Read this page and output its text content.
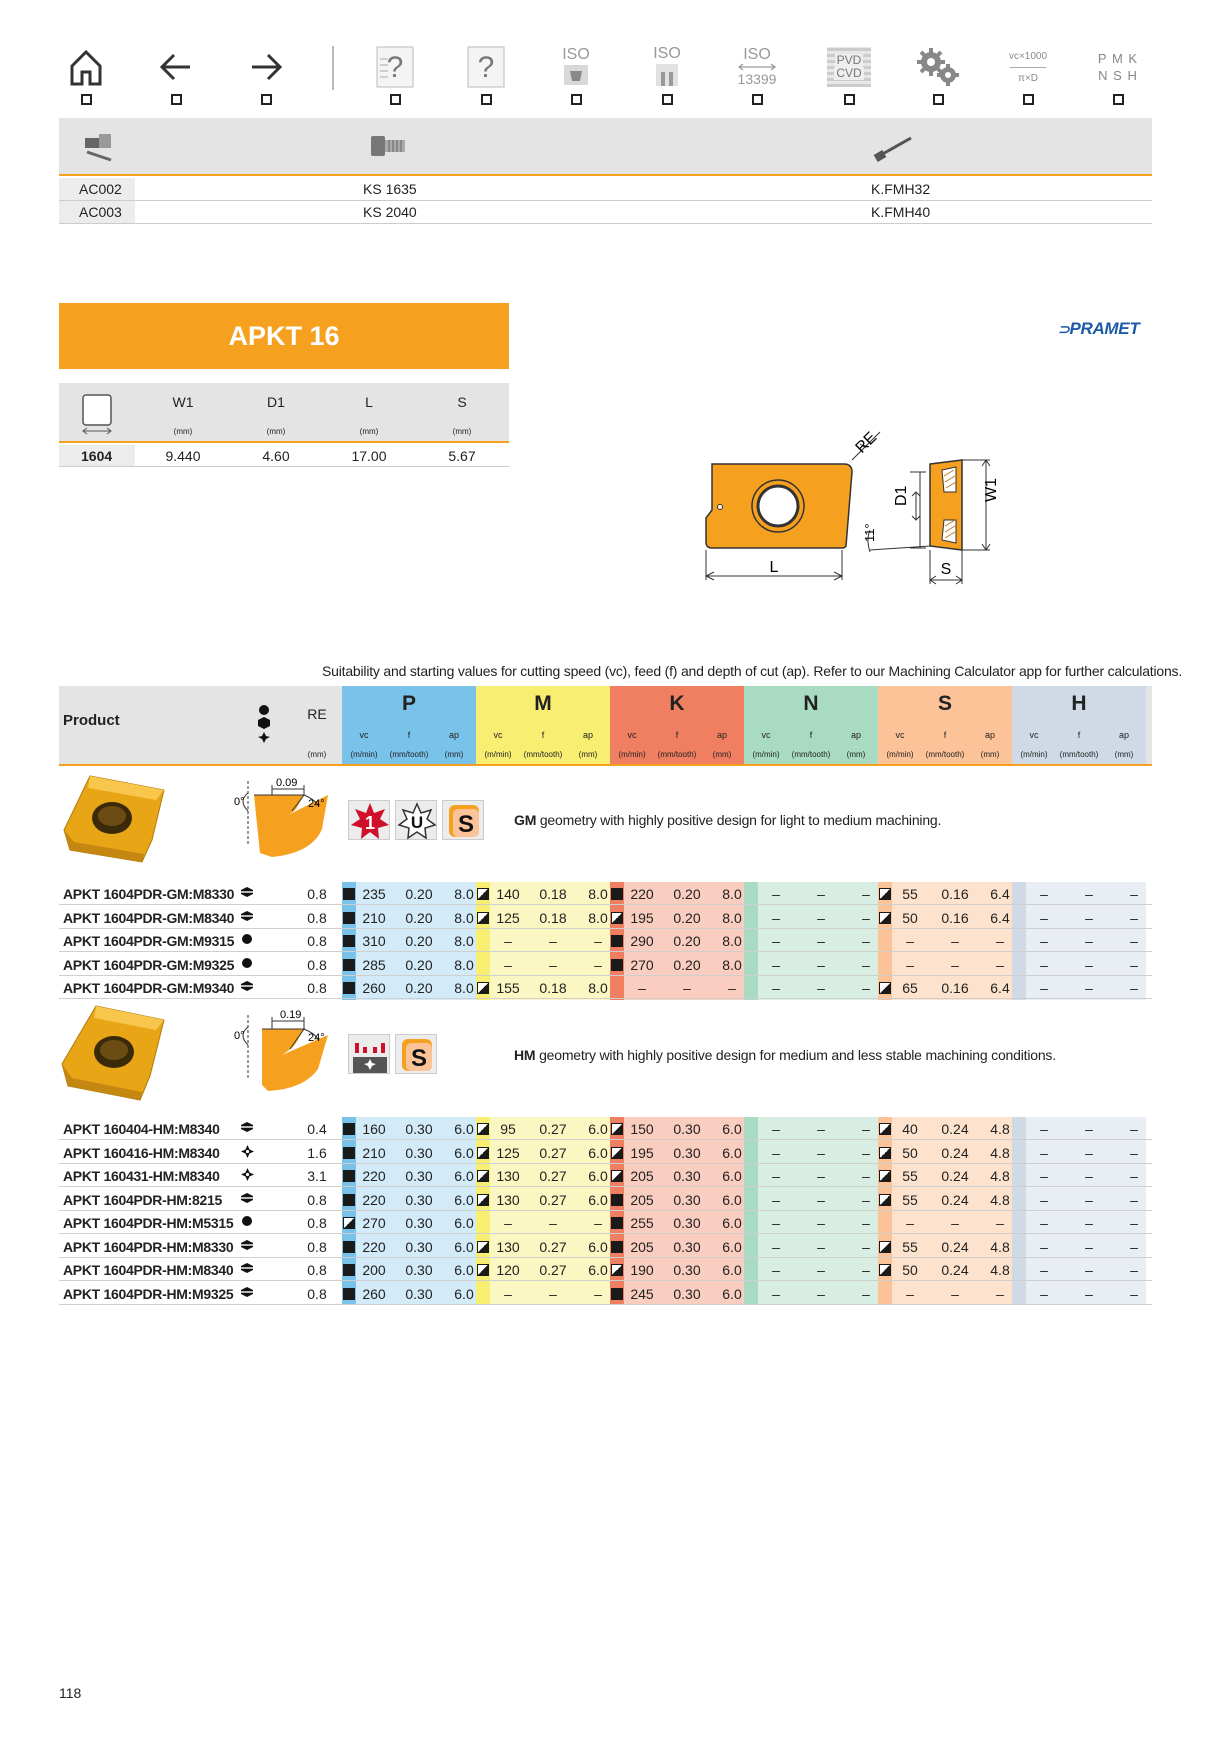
? ?	ISO	ISO	ISO
13399
PVD
CVD
vc×1000
π×D
P M K
N S H
AC002	KS 1635	K.FMH32
AC003	KS 2040	K.FMH40
APKT 16	⊃PRAMET
W1	D1	L	S
(mm)	(mm)	(mm)	(mm)
1604	9.440	4.60	17.00	5.67
L
RE
D1	W1
S
11°
Suitability and starting values for cutting speed (vc), feed (f) and depth of cut (ap). Refer to our Machining Calculator app for further calculations.
Product	RE
(mm)
P
vc	f	ap
(m/min)	(mm/tooth)	(mm)
M
vc	f	ap
(m/min)	(mm/tooth)	(mm)
K
vc	f	ap
(m/min)	(mm/tooth)	(mm)
N
vc	f	ap
(m/min)	(mm/tooth)	(mm)
S
vc	f	ap
(m/min)	(mm/tooth)	(mm)
H
vc	f	ap
(m/min)	(mm/tooth)	(mm)
0°	24°
0.09
1 U S	GM geometry with highly positive design for light to medium machining.
0°	24°
0.19
S	HM geometry with highly positive design for medium and less stable machining conditions.
APKT 1604PDR-GM:M8330	0.8	235	0.20	8.0	140	0.18	8.0	220	0.20	8.0	–	–	–	55	0.16	6.4	–	–	–
APKT 1604PDR-GM:M8340	0.8	210	0.20	8.0	125	0.18	8.0	195	0.20	8.0	–	–	–	50	0.16	6.4	–	–	–
APKT 1604PDR-GM:M9315	0.8	310	0.20	8.0	–	–	–	290	0.20	8.0	–	–	–	–	–	–	–	–	–
APKT 1604PDR-GM:M9325	0.8	285	0.20	8.0	–	–	–	270	0.20	8.0	–	–	–	–	–	–	–	–	–
APKT 1604PDR-GM:M9340	0.8	260	0.20	8.0	155	0.18	8.0	–	–	–	–	–	–	65	0.16	6.4	–	–	–
APKT 160404-HM:M8340	0.4	160	0.30	6.0	95	0.27	6.0	150	0.30	6.0	–	–	–	40	0.24	4.8	–	–	–
APKT 160416-HM:M8340	1.6	210	0.30	6.0	125	0.27	6.0	195	0.30	6.0	–	–	–	50	0.24	4.8	–	–	–
APKT 160431-HM:M8340	3.1	220	0.30	6.0	130	0.27	6.0	205	0.30	6.0	–	–	–	55	0.24	4.8	–	–	–
APKT 1604PDR-HM:8215	0.8	220	0.30	6.0	130	0.27	6.0	205	0.30	6.0	–	–	–	55	0.24	4.8	–	–	–
APKT 1604PDR-HM:M5315	0.8	270	0.30	6.0	–	–	–	255	0.30	6.0	–	–	–	–	–	–	–	–	–
APKT 1604PDR-HM:M8330	0.8	220	0.30	6.0	130	0.27	6.0	205	0.30	6.0	–	–	–	55	0.24	4.8	–	–	–
APKT 1604PDR-HM:M8340	0.8	200	0.30	6.0	120	0.27	6.0	190	0.30	6.0	–	–	–	50	0.24	4.8	–	–	–
APKT 1604PDR-HM:M9325	0.8	260	0.30	6.0	–	–	–	245	0.30	6.0	–	–	–	–	–	–	–	–	–
118
